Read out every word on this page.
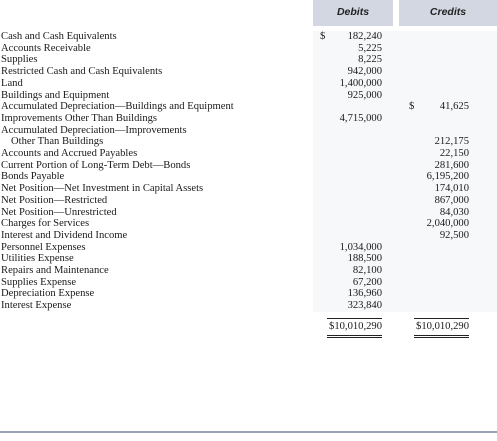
	Debits		Credits

Cash and Cash Equivalents	$ 182,240		

Accounts Receivable	5,225		

Supplies	8,225		

Restricted Cash and Cash Equivalents	942,000		

Land	1,400,000		

Buildings and Equipment	925,000		

Accumulated Depreciation—Buildings and Equipment			$ 41,625

Improvements Other Than Buildings	4,715,000		

Accumulated Depreciation—Improvements	

Other Than Buildings			212,175

Accounts and Accrued Payables			22,150

Current Portion of Long-Term Debt—Bonds			281,600

Bonds Payable			6,195,200

Net Position—Net Investment in Capital Assets			174,010

Net Position—Restricted			867,000

Net Position—Unrestricted			84,030

Charges for Services			2,040,000

Interest and Dividend Income			92,500

Personnel Expenses	1,034,000		

Utilities Expense	188,500		

Repairs and Maintenance	82,100		

Supplies Expense	67,200		

Depreciation Expense	136,960		

Interest Expense	323,840		

	$10,010,290		$10,010,290
